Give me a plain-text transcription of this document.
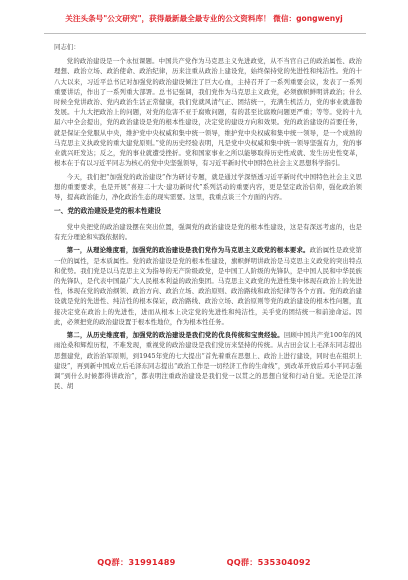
关注头条号"公文研究"，获得最新最全最专业的公文资料库！ 微信：gongwenyj

同志们：

党的政治建设是一个永恒课题。中国共产党作为马克思主义先进政党，从不当官自己的政治属性、政治理想、政治立场、政治使命、政治纪律，历来注重从政治上建设党，始终保持党的先进性和纯洁性。党的十八大以来，习近平总书记对加强党的政治建设倾注了巨大心血，主持召开了一系列重要会议，发表了一系列重要讲话，作出了一系列重大部署。总书记强调，我们党作为马克思主义政党，必须旗帜鲜明讲政治；什么时候全党讲政治、党内政治生活正常健康，我们党就风清气正、团结统一，充满生机活力，党的事业就蓬勃发展。十九大把政治上的问题，对党的危害不亚于腐败问题，有的甚至比腐败问题更严重；等等。党的十九届六中全会提出，党的政治建设是党的根本性建设，决定党的建设方向和效果。党的政治建设的首要任务，就是保证全党服从中央，维护党中央权威和集中统一领导，维护党中央权威和集中统一领导，是一个成熟的马克思主义执政党的重大建党原则。”党的历史经验表明，凡是党中央权威和集中统一领导坚强有力，党的事业就兴旺发达；反之，党的事业就遭受挫折。党和国家事业之所以能够取得历史性成就、发生历史性变革，根本在于有以习近平同志为核心的党中央坚强领导，有习近平新时代中国特色社会主义思想科学指引。

今天，我们把“加强党的政治建设”作为研讨专题，就是通过学深悟透习近平新时代中国特色社会主义思想的重要要求，也是开展“喜迎二十大·建功新时代”系列活动的重要内容，更是坚定政治信仰，强化政治领导，提高政治能力，净化政治生态的现实需要。这里，我重点谈三个方面的内容。

一、党的政治建设是党的根本性建设

党中央把党的政治建设摆在突出位置，强调党的政治建设是党的根本性建设，这是有深远考虑的，也是有充分理论和实践依据的。

第一，从理论维度看，加强党的政治建设是我们党作为马克思主义政党的根本要求。政治属性是政党第一位的属性，是本质属性。党的政治建设是党的根本性建设，旗帜鲜明讲政治是马克思主义政党的突出特点和优势。我们党是以马克思主义为指导的无产阶级政党，是中国工人阶级的先锋队，是中国人民和中华民族的先锋队，是代表中国最广大人民根本利益的政治集团。马克思主义政党的先进性集中体现在政治上的先进性，体现在党的政治纲领、政治方向、政治立场、政治原则、政治路线和政治纪律等各个方面。党的政治建设就是党的先进性、纯洁性的根本保证，政治路线、政治立场、政治原则等党的政治建设的根本性问题，直接决定党在政治上的先进性，进而从根本上决定党的先进性和纯洁性，关乎党的团结统一和前途命运。因此，必须把党的政治建设置于根本性地位，作为根本性任务。

第二，从历史维度看，加强党的政治建设是我们党的优良传统和宝贵经验。回顾中国共产党100年的风雨沧桑和辉煌历程，不难发现，重视党的政治建设是我们党历来坚持的传统。从古田会议上毛泽东同志提出思想建党，政治治军原则，到1945年党的七大提出“首先着重在思想上、政治上进行建设，同时也在组织上建设”，再到新中国成立后毛泽东同志提出“政治工作是一切经济工作的生命线”，到改革开放后邓小平同志强调“到什么时候都得讲政治”，都表明注重政治建设是我们党一以贯之的思想自觉和行动自觉。无论是江泽民、胡

QQ群：31991489	QQ群：535304092
